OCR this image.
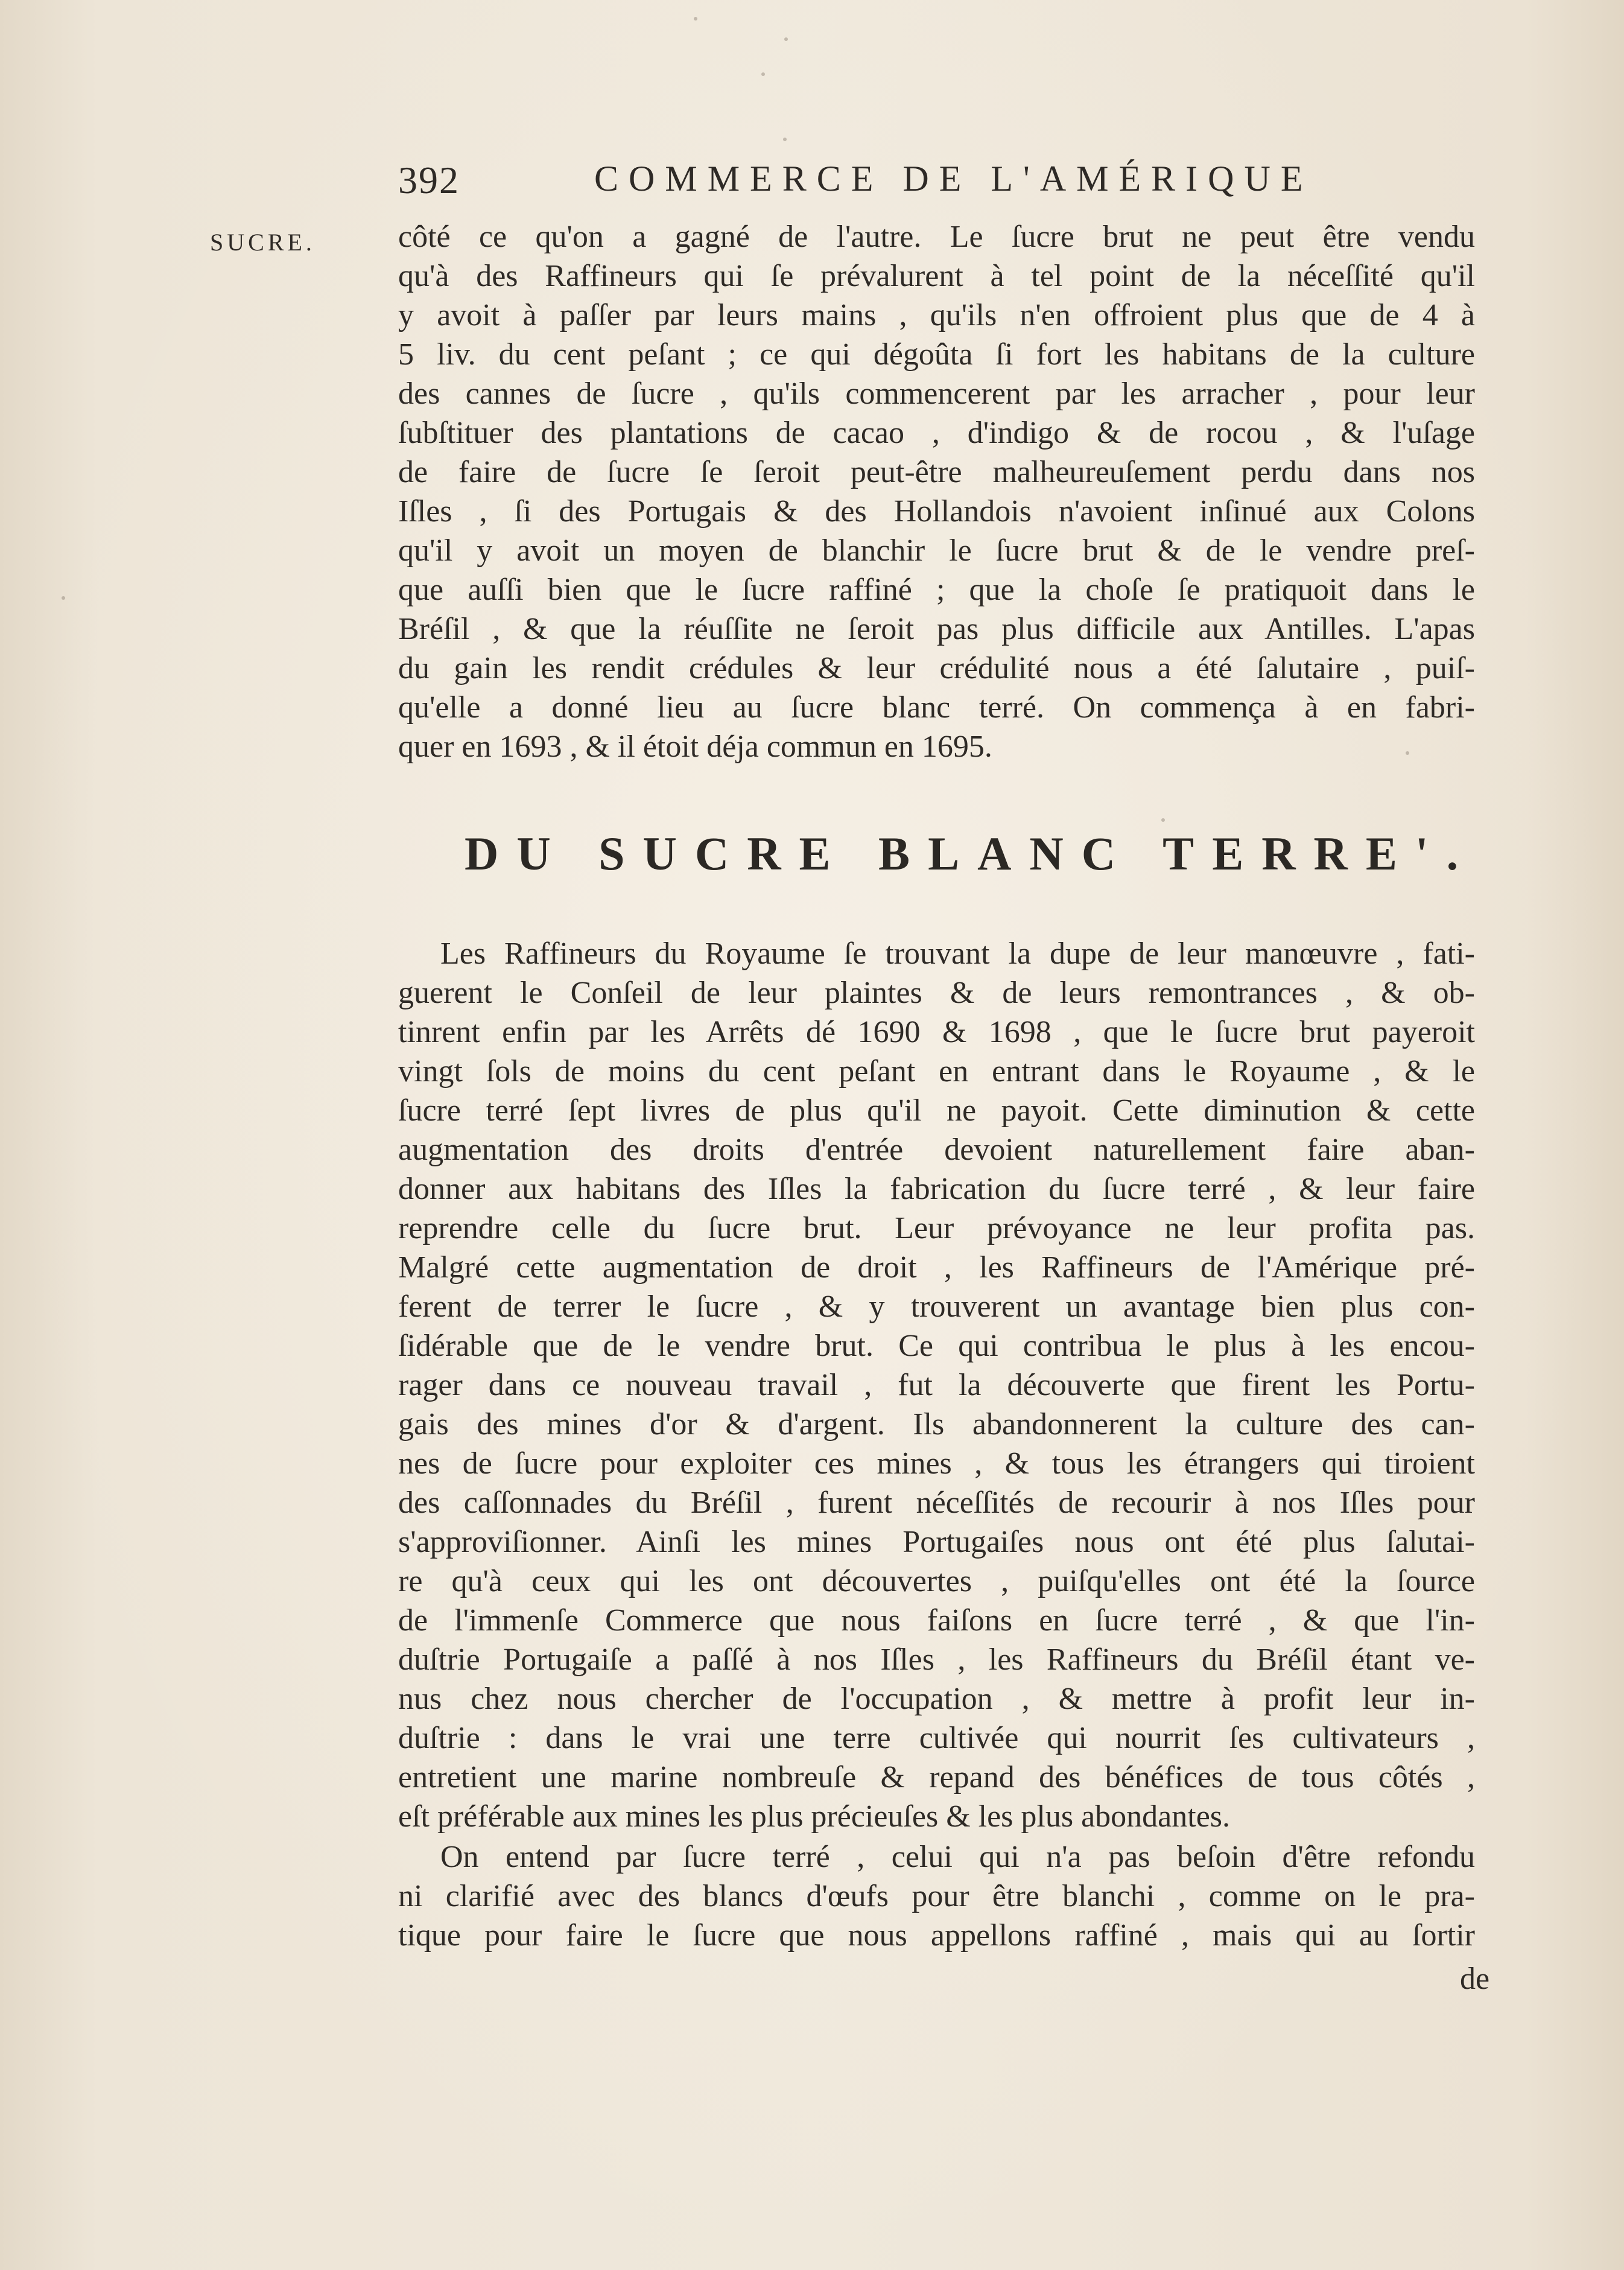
392	COMMERCE DE L'AMÉRIQUE
SUCRE.	côté ce qu'on a gagné de l'autre. Le ſucre brut ne peut être vendu
qu'à des Raffineurs qui ſe prévalurent à tel point de la néceſſité qu'il
y avoit à paſſer par leurs mains , qu'ils n'en offroient plus que de 4 à
5 liv. du cent peſant ; ce qui dégoûta ſi fort les habitans de la culture
des cannes de ſucre , qu'ils commencerent par les arracher , pour leur
ſubſtituer des plantations de cacao , d'indigo & de rocou , & l'uſage
de faire de ſucre ſe ſeroit peut-être malheureuſement perdu dans nos
Iſles , ſi des Portugais & des Hollandois n'avoient inſinué aux Colons
qu'il y avoit un moyen de blanchir le ſucre brut & de le vendre preſ-
que auſſi bien que le ſucre raffiné ; que la choſe ſe pratiquoit dans le
Bréſil , & que la réuſſite ne ſeroit pas plus difficile aux Antilles. L'apas
du gain les rendit crédules & leur crédulité nous a été ſalutaire , puiſ-
qu'elle a donné lieu au ſucre blanc terré. On commença à en fabri-
quer en 1693 , & il étoit déja commun en 1695.
DU SUCRE BLANC TERRE'.
Les Raffineurs du Royaume ſe trouvant la dupe de leur manœuvre , fati-
guerent le Conſeil de leur plaintes & de leurs remontrances , & ob-
tinrent enfin par les Arrêts dé 1690 & 1698 , que le ſucre brut payeroit
vingt ſols de moins du cent peſant en entrant dans le Royaume , & le
ſucre terré ſept livres de plus qu'il ne payoit. Cette diminution & cette
augmentation des droits d'entrée devoient naturellement faire aban-
donner aux habitans des Iſles la fabrication du ſucre terré , & leur faire
reprendre celle du ſucre brut. Leur prévoyance ne leur profita pas.
Malgré cette augmentation de droit , les Raffineurs de l'Amérique pré-
ferent de terrer le ſucre , & y trouverent un avantage bien plus con-
ſidérable que de le vendre brut. Ce qui contribua le plus à les encou-
rager dans ce nouveau travail , fut la découverte que firent les Portu-
gais des mines d'or & d'argent. Ils abandonnerent la culture des can-
nes de ſucre pour exploiter ces mines , & tous les étrangers qui tiroient
des caſſonnades du Bréſil , furent néceſſités de recourir à nos Iſles pour
s'approviſionner. Ainſi les mines Portugaiſes nous ont été plus ſalutai-
re qu'à ceux qui les ont découvertes , puiſqu'elles ont été la ſource
de l'immenſe Commerce que nous faiſons en ſucre terré , & que l'in-
duſtrie Portugaiſe a paſſé à nos Iſles , les Raffineurs du Bréſil étant ve-
nus chez nous chercher de l'occupation , & mettre à profit leur in-
duſtrie : dans le vrai une terre cultivée qui nourrit ſes cultivateurs ,
entretient une marine nombreuſe & repand des bénéfices de tous côtés ,
eſt préférable aux mines les plus précieuſes & les plus abondantes.
On entend par ſucre terré , celui qui n'a pas beſoin d'être refondu
ni clarifié avec des blancs d'œufs pour être blanchi , comme on le pra-
tique pour faire le ſucre que nous appellons raffiné , mais qui au ſortir
de
